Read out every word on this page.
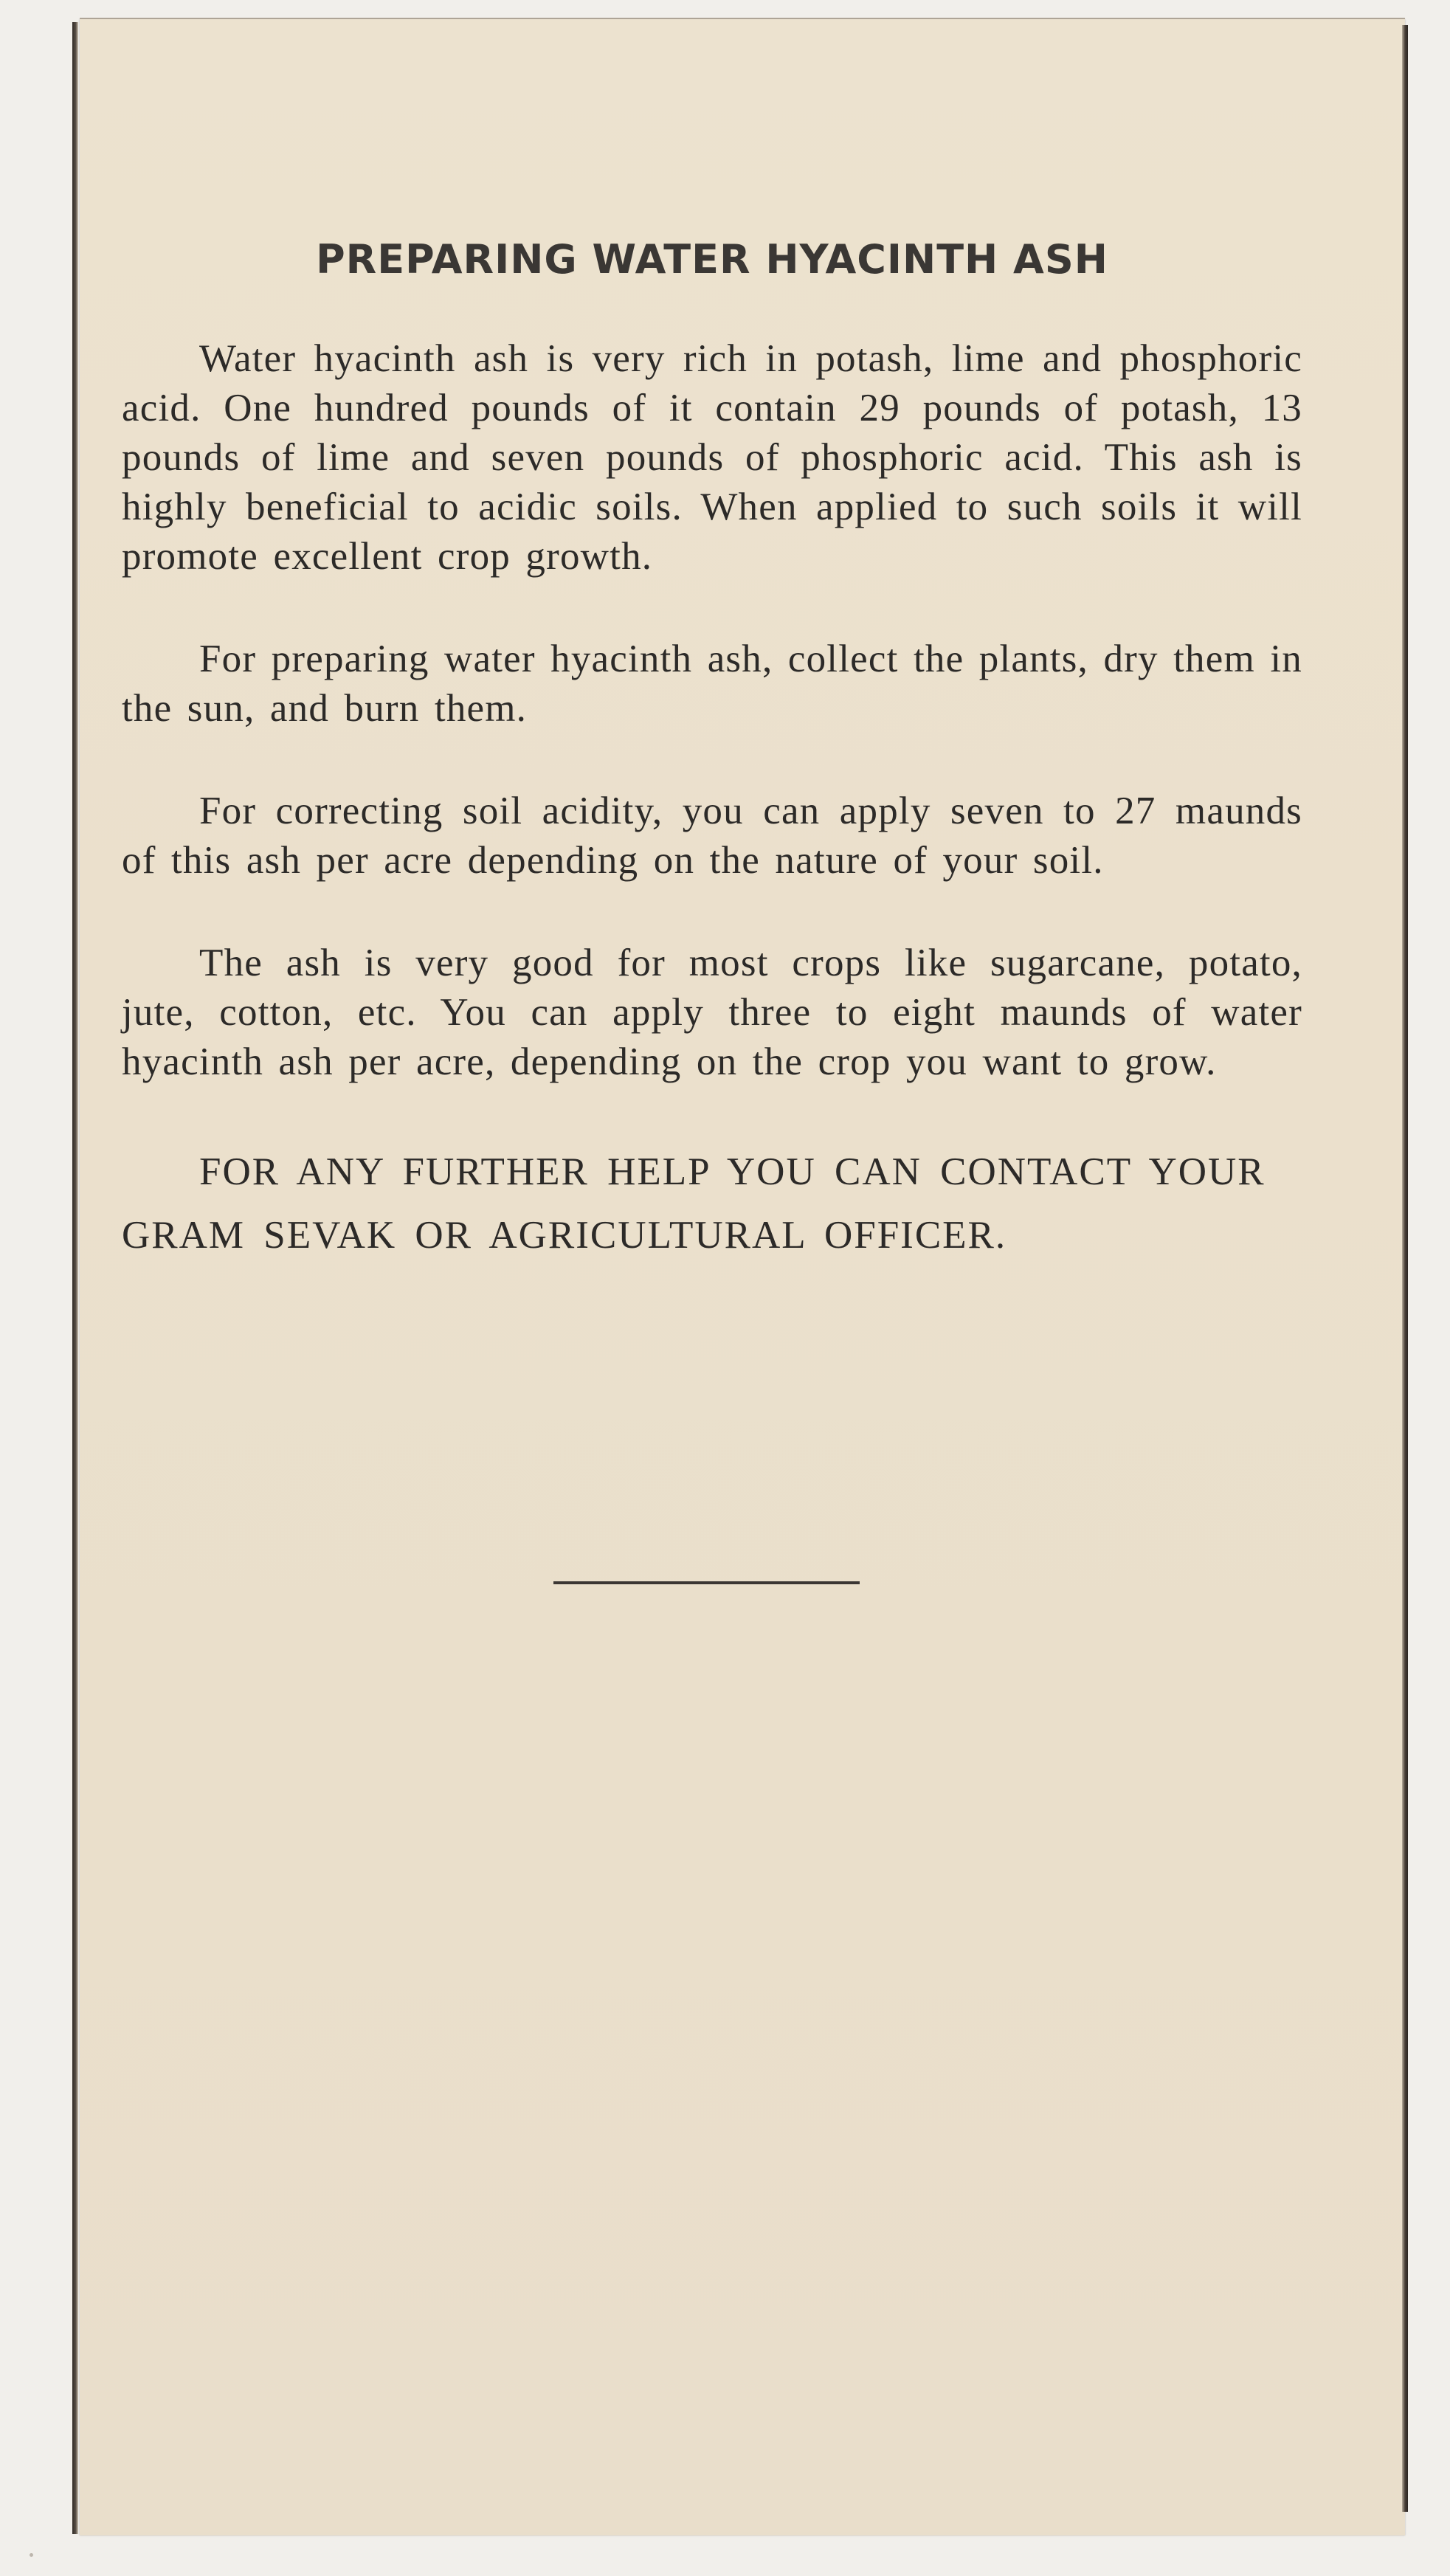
PREPARING WATER HYACINTH ASH

Water hyacinth ash is very rich in potash, lime and phosphoric acid. One hundred pounds of it contain 29 pounds of potash, 13 pounds of lime and seven pounds of phosphoric acid. This ash is highly beneficial to acidic soils. When applied to such soils it will promote excellent crop growth.

For preparing water hyacinth ash, collect the plants, dry them in the sun, and burn them.

For correcting soil acidity, you can apply seven to 27 maunds of this ash per acre depending on the nature of your soil.

The ash is very good for most crops like sugarcane, potato, jute, cotton, etc. You can apply three to eight maunds of water hyacinth ash per acre, depending on the crop you want to grow.

FOR ANY FURTHER HELP YOU CAN CONTACT YOUR GRAM SEVAK OR AGRICULTURAL OFFICER.
